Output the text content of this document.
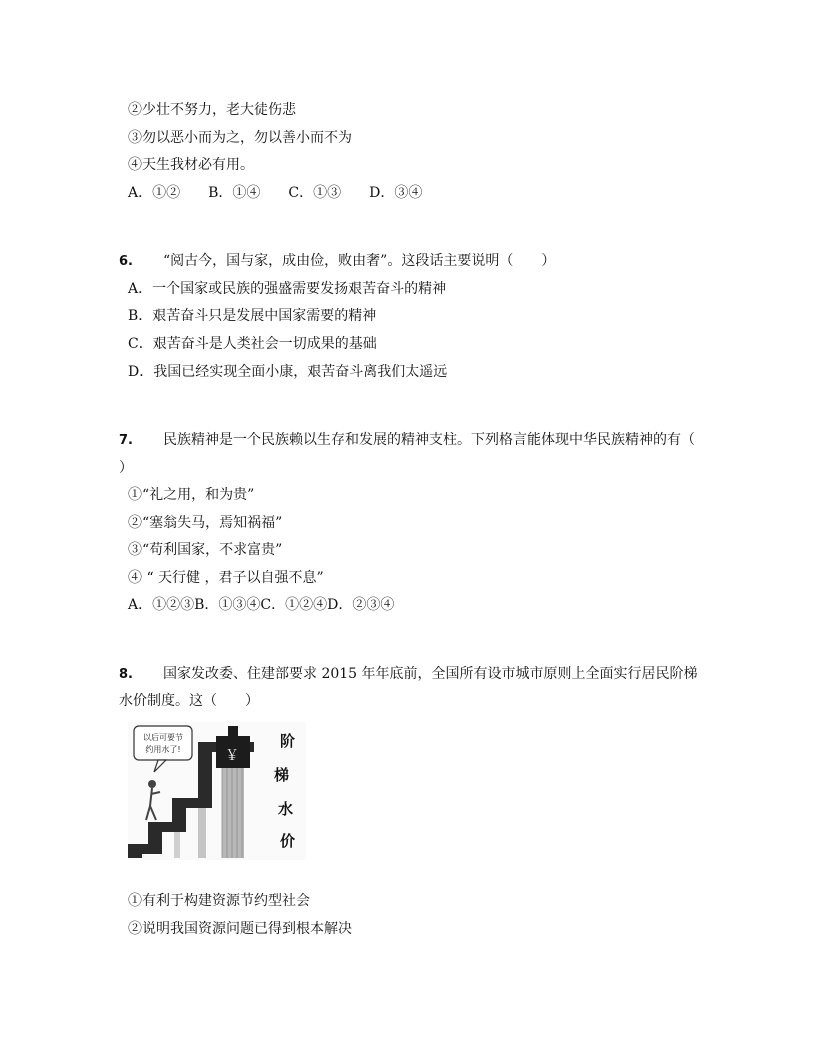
②少壮不努力，老大徒伤悲
③勿以恶小而为之，勿以善小而不为
④天生我材必有用。
A．①② B．①④ C．①③ D．③④
6. “阅古今，国与家，成由俭，败由奢”。这段话主要说明（　　）
A．一个国家或民族的强盛需要发扬艰苦奋斗的精神
B．艰苦奋斗只是发展中国家需要的精神
C．艰苦奋斗是人类社会一切成果的基础
D．我国已经实现全面小康，艰苦奋斗离我们太遥远
7. 民族精神是一个民族赖以生存和发展的精神支柱。下列格言能体现中华民族精神的有（
）
①“礼之用，和为贵”
②“塞翁失马，焉知祸福”
③“苟利国家，不求富贵”
④ “ 天行健 ，君子以自强不息”
A．①②③B．①③④C．①②④D．②③④
8. 国家发改委、住建部要求 2015 年年底前，全国所有设市城市原则上全面实行居民阶梯
水价制度。这（　　）
以后可要节
约用水了!	￥
阶
梯
水
价
①有利于构建资源节约型社会
②说明我国资源问题已得到根本解决
